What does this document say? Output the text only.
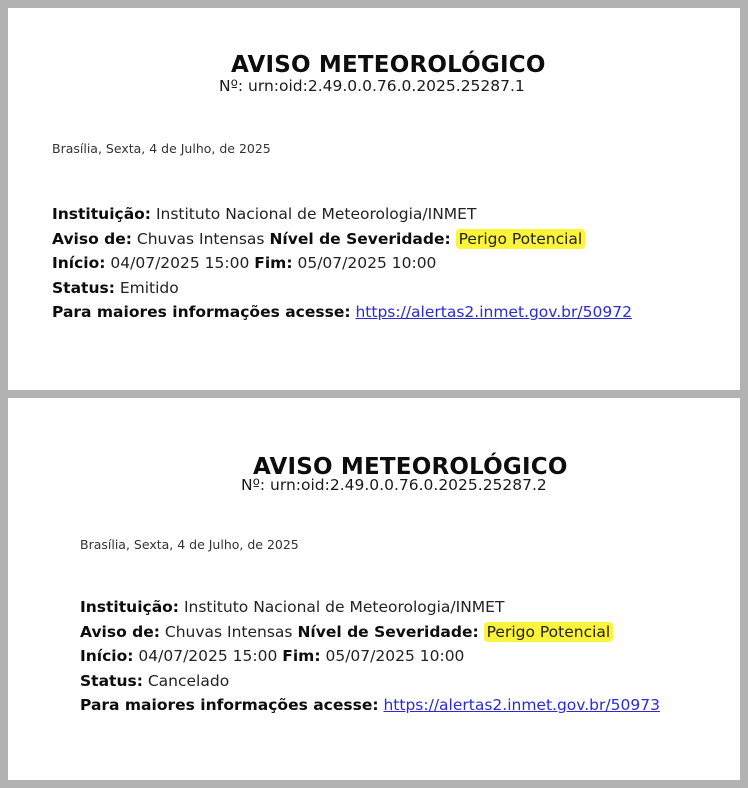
AVISO METEOROLÓGICO
Nº: urn:oid:2.49.0.0.76.0.2025.25287.1
Brasília, Sexta, 4 de Julho, de 2025
Instituição: Instituto Nacional de Meteorologia/INMET
Aviso de: Chuvas Intensas Nível de Severidade: Perigo Potencial
Início: 04/07/2025 15:00 Fim: 05/07/2025 10:00
Status: Emitido
Para maiores informações acesse: https://alertas2.inmet.gov.br/50972
AVISO METEOROLÓGICO
Nº: urn:oid:2.49.0.0.76.0.2025.25287.2
Brasília, Sexta, 4 de Julho, de 2025
Instituição: Instituto Nacional de Meteorologia/INMET
Aviso de: Chuvas Intensas Nível de Severidade: Perigo Potencial
Início: 04/07/2025 15:00 Fim: 05/07/2025 10:00
Status: Cancelado
Para maiores informações acesse: https://alertas2.inmet.gov.br/50973
